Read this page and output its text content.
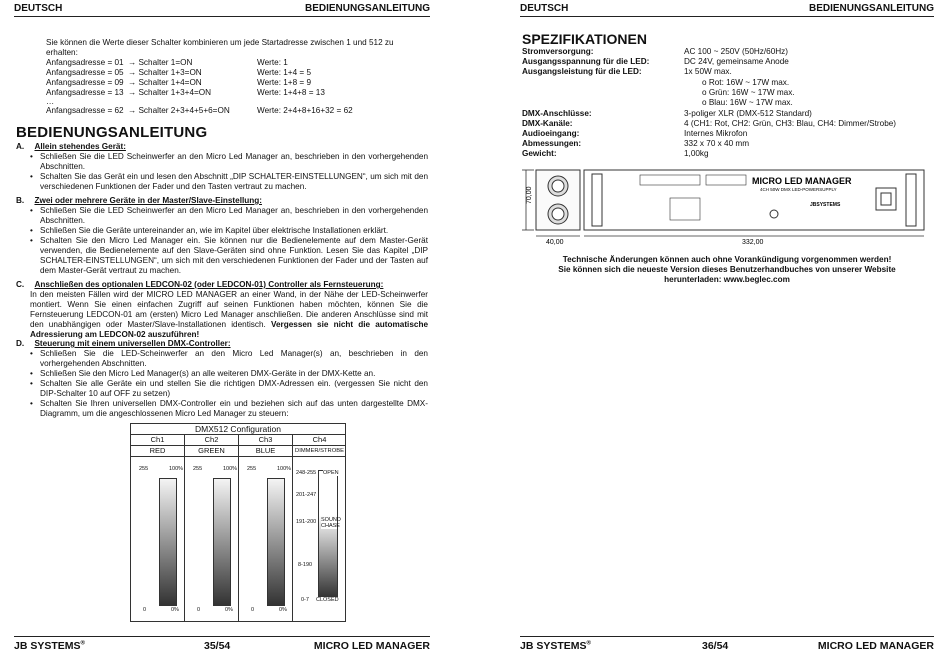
DEUTSCH	BEDIENUNGSANLEITUNG
Sie können die Werte dieser Schalter kombinieren um jede Startadresse zwischen 1 und 512 zu erhalten:
Anfangsadresse = 01 → Schalter 1=ON	Werte: 1
Anfangsadresse = 05 → Schalter 1+3=ON	Werte: 1+4 = 5
Anfangsadresse = 09 → Schalter 1+4=ON	Werte: 1+8 = 9
Anfangsadresse = 13 → Schalter 1+3+4=ON	Werte: 1+4+8 = 13
…
Anfangsadresse = 62 → Schalter 2+3+4+5+6=ON	Werte: 2+4+8+16+32 = 62
BEDIENUNGSANLEITUNG
A. Allein stehendes Gerät:
• Schließen Sie die LED Scheinwerfer an den Micro Led Manager an, beschrieben in den vorhergehenden Abschnitten.
• Schalten Sie das Gerät ein und lesen den Abschnitt „DIP SCHALTER-EINSTELLUNGEN“, um sich mit den verschiedenen Funktionen der Fader und den Tasten vertraut zu machen.
B. Zwei oder mehrere Geräte in der Master/Slave-Einstellung:
• Schließen Sie die LED Scheinwerfer an den Micro Led Manager an, beschrieben in den vorhergehenden Abschnitten.
• Schließen Sie die Geräte untereinander an, wie im Kapitel über elektrische Installationen erklärt.
• Schalten Sie den Micro Led Manager ein. Sie können nur die Bedienelemente auf dem Master-Gerät verwenden, die Bedienelemente auf den Slave-Geräten sind ohne Funktion. Lesen Sie das Kapitel „DIP SCHALTER-EINSTELLUNGEN“, um sich mit den verschiedenen Funktionen der Fader und der Tasten auf dem Master-Gerät vertraut zu machen.
C. Anschließen des optionalen LEDCON-02 (oder LEDCON-01) Controller als Fernsteuerung:
In den meisten Fällen wird der MICRO LED MANAGER an einer Wand, in der Nähe der LED-Scheinwerfer montiert. Wenn Sie einen einfachen Zugriff auf seinen Funktionen haben möchten, können Sie die Fernsteuerung LEDCON-01 am (ersten) Micro Led Manager anschließen. Die anderen Anschlüsse sind mit den unabhängigen oder Master/Slave-Installationen identisch. Vergessen sie nicht die automatische Adressierung am LEDCON-02 auszuführen!
D. Steuerung mit einem universellen DMX-Controller:
• Schließen Sie die LED-Scheinwerfer an den Micro Led Manager(s) an, beschrieben in den vorhergehenden Abschnitten.
• Schließen Sie den Micro Led Manager(s) an alle weiteren DMX-Geräte in der DMX-Kette an.
• Schalten Sie alle Geräte ein und stellen Sie die richtigen DMX-Adressen ein. (vergessen Sie nicht den DIP-Schalter 10 auf OFF zu setzen)
• Schalten Sie Ihren universellen DMX-Controller ein und beziehen sich auf das unten dargestellte DMX-Diagramm, um die angeschlossenen Micro Led Manager zu steuern:
DMX512 Configuration
Ch1	Ch2	Ch3	Ch4
RED	GREEN	BLUE	DIMMER/STROBE
255	100%
0	0%
255	100%
0	0%
255	100%
0	0%
248-255
201-247
191-200
8-190
0-7
OPEN
SOUND CHASE
CLOSED
JB SYSTEMS®	35/54	MICRO LED MANAGER
DEUTSCH	BEDIENUNGSANLEITUNG
SPEZIFIKATIONEN
Stromversorgung:	AC 100 ~ 250V (50Hz/60Hz)
Ausgangsspannung für die LED:	DC 24V, gemeinsame Anode
Ausgangsleistung für die LED:	1x 50W max.
o Rot: 16W ~ 17W max.
o Grün: 16W ~ 17W max.
o Blau: 16W ~ 17W max.
DMX-Anschlüsse:	3-poliger XLR (DMX-512 Standard)
DMX-Kanäle:	4 (CH1: Rot, CH2: Grün, CH3: Blau, CH4: Dimmer/Strobe)
Audioeingang:	Internes Mikrofon
Abmessungen:	332 x 70 x 40 mm
Gewicht:	1,00kg
70,00
MICRO LED MANAGER
4CH 50W DMX LED-POWERSUPPLY
JBSYSTEMS
40,00	332,00
Technische Änderungen können auch ohne Vorankündigung vorgenommen werden!
Sie können sich die neueste Version dieses Benutzerhandbuches von unserer Website
herunterladen: www.beglec.com
JB SYSTEMS®	36/54	MICRO LED MANAGER
